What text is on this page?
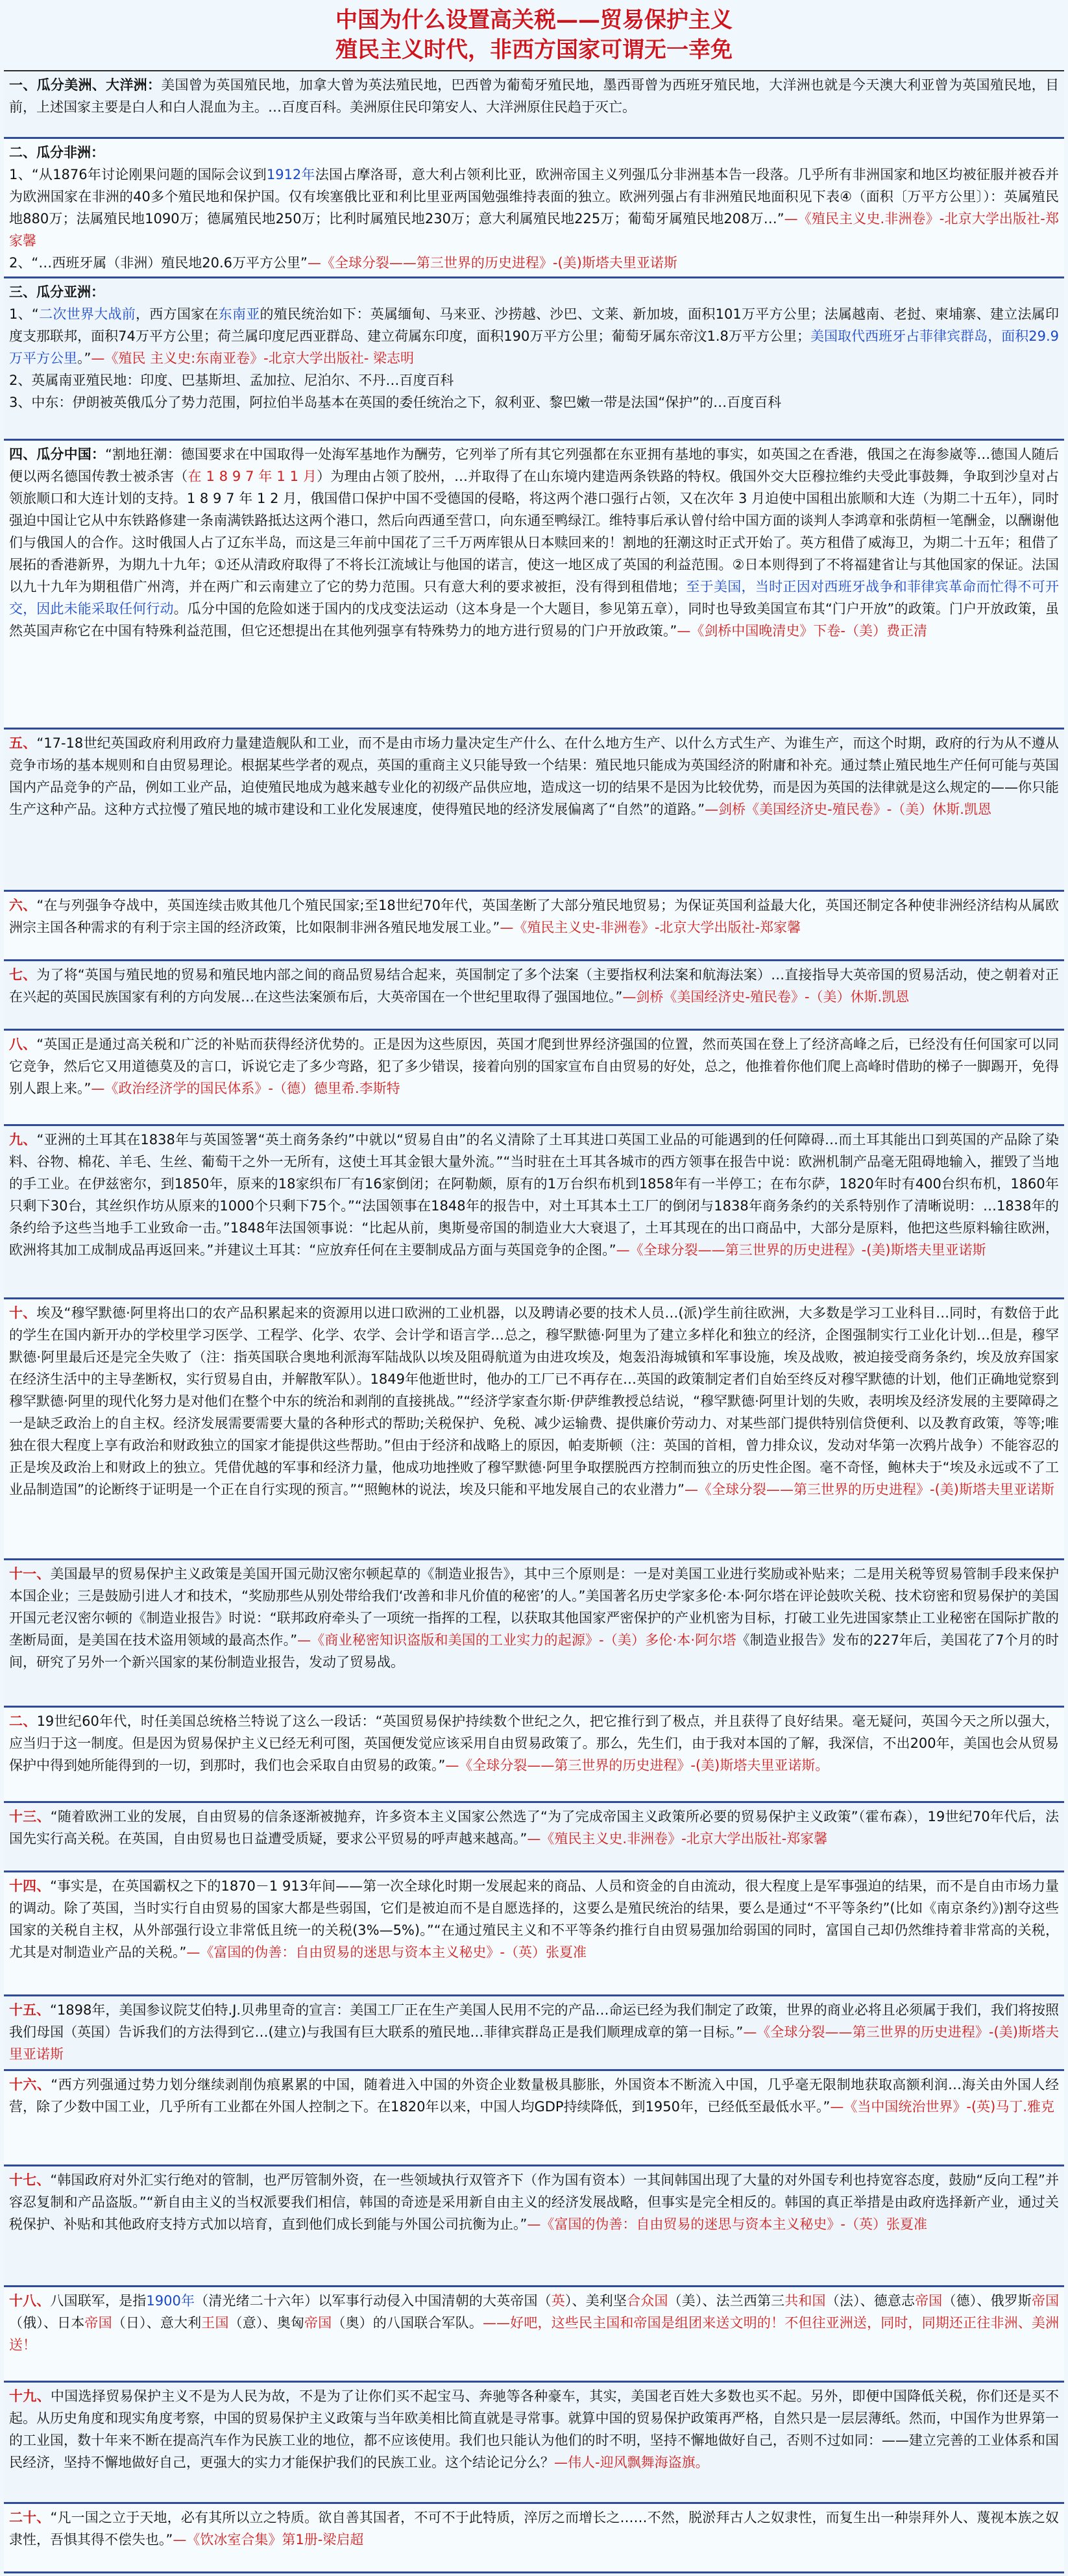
中国为什么设置高关税——贸易保护主义
殖民主义时代，非西方国家可谓无一幸免

一、瓜分美洲、大洋洲：美国曾为英国殖民地，加拿大曾为英法殖民地，巴西曾为葡萄牙殖民地，墨西哥曾为西班牙殖民地，大洋洲也就是今天澳大利亚曾为英国殖民地，目前，上述国家主要是白人和白人混血为主。…百度百科。美洲原住民印第安人、大洋洲原住民趋于灭亡。

二、瓜分非洲：

1、“从1876年讨论刚果问题的国际会议到1912年法国占摩洛哥，意大利占领利比亚，欧洲帝国主义列强瓜分非洲基本告一段落。几乎所有非洲国家和地区均被征服并被吞并为欧洲国家在非洲的40多个殖民地和保护国。仅有埃塞俄比亚和利比里亚两国勉强维持表面的独立。欧洲列强占有非洲殖民地面积见下表④（面积〔万平方公里〕）：英属殖民地880万；法属殖民地1090万；德属殖民地250万；比利时属殖民地230万；意大利属殖民地225万；葡萄牙属殖民地208万…”—《殖民主义史.非洲卷》-北京大学出版社-郑家馨

2、“…西班牙属（非洲）殖民地20.6万平方公里”—《全球分裂——第三世界的历史进程》-(美)斯塔夫里亚诺斯

三、瓜分亚洲：

1、“二次世界大战前，西方国家在东南亚的殖民统治如下：英属缅甸、马来亚、沙捞越、沙巴、文莱、新加坡，面积101万平方公里；法属越南、老挝、柬埔寨、建立法属印度支那联邦，面积74万平方公里；荷兰属印度尼西亚群岛、建立荷属东印度，面积190万平方公里；葡萄牙属东帝汶1.8万平方公里；美国取代西班牙占菲律宾群岛，面积29.9万平方公里。”—《殖民 主义史:东南亚卷》-北京大学出版社- 梁志明

2、英属南亚殖民地：印度、巴基斯坦、孟加拉、尼泊尔、不丹…百度百科

3、中东：伊朗被英俄瓜分了势力范围，阿拉伯半岛基本在英国的委任统治之下，叙利亚、黎巴嫩一带是法国“保护”的…百度百科

四、瓜分中国：“割地狂潮：德国要求在中国取得一处海军基地作为酬劳，它列举了所有其它列强都在东亚拥有基地的事实，如英国之在香港，俄国之在海参崴等…德国人随后便以两名德国传教士被杀害（在 1 8 9 7 年 1 1 月）为理由占领了胶州，…并取得了在山东境内建造两条铁路的特权。俄国外交大臣穆拉维约夫受此事鼓舞，争取到沙皇对占领旅顺口和大连计划的支持。1 8 9 7 年 1 2 月，俄国借口保护中国不受德国的侵略，将这两个港口强行占领，又在次年 3 月迫使中国租出旅顺和大连（为期二十五年），同时强迫中国让它从中东铁路修建一条南满铁路抵达这两个港口，然后向西通至营口，向东通至鸭绿江。维特事后承认曾付给中国方面的谈判人李鸿章和张荫桓一笔酬金，以酬谢他们与俄国人的合作。这时俄国人占了辽东半岛，而这是三年前中国花了三千万两库银从日本赎回来的！割地的狂潮这时正式开始了。英方租借了威海卫，为期二十五年；租借了展拓的香港新界，为期九十九年；①还从清政府取得了不将长江流域让与他国的诺言，使这一地区成了英国的利益范围。②日本则得到了不将福建省让与其他国家的保证。法国以九十九年为期租借广州湾，并在两广和云南建立了它的势力范围。只有意大利的要求被拒，没有得到租借地；至于美国，当时正因对西班牙战争和菲律宾革命而忙得不可开交，因此未能采取任何行动。瓜分中国的危险如迷于国内的戊戌变法运动（这本身是一个大题目，参见第五章），同时也导致美国宣布其“门户开放”的政策。门户开放政策，虽然英国声称它在中国有特殊利益范围，但它还想提出在其他列强享有特殊势力的地方进行贸易的门户开放政策。”—《剑桥中国晚清史》下卷-（美）费正清

五、“17-18世纪英国政府利用政府力量建造舰队和工业，而不是由市场力量决定生产什么、在什么地方生产、以什么方式生产、为谁生产，而这个时期，政府的行为从不遵从竞争市场的基本规则和自由贸易理论。根据某些学者的观点，英国的重商主义只能导致一个结果：殖民地只能成为英国经济的附庸和补充。通过禁止殖民地生产任何可能与英国国内产品竞争的产品，例如工业产品，迫使殖民地成为越来越专业化的初级产品供应地，造成这一切的结果不是因为比较优势，而是因为英国的法律就是这么规定的——你只能生产这种产品。这种方式拉慢了殖民地的城市建设和工业化发展速度，使得殖民地的经济发展偏离了“自然”的道路。”—剑桥《美国经济史-殖民卷》-（美）休斯.凯恩

六、“在与列强争夺战中，英国连续击败其他几个殖民国家;至18世纪70年代，英国垄断了大部分殖民地贸易；为保证英国利益最大化，英国还制定各种使非洲经济结构从属欧洲宗主国各种需求的有利于宗主国的经济政策，比如限制非洲各殖民地发展工业。”—《殖民主义史-非洲卷》-北京大学出版社-郑家馨

七、为了将“英国与殖民地的贸易和殖民地内部之间的商品贸易结合起来，英国制定了多个法案（主要指权利法案和航海法案）…直接指导大英帝国的贸易活动，使之朝着对正在兴起的英国民族国家有利的方向发展…在这些法案颁布后，大英帝国在一个世纪里取得了强国地位。”—剑桥《美国经济史-殖民卷》-（美）休斯.凯恩

八、“英国正是通过高关税和广泛的补贴而获得经济优势的。正是因为这些原因，英国才爬到世界经济强国的位置，然而英国在登上了经济高峰之后，已经没有任何国家可以同它竞争，然后它又用道德莫及的言口，诉说它走了多少弯路，犯了多少错误，接着向别的国家宣布自由贸易的好处，总之，他推着你他们爬上高峰时借助的梯子一脚踢开，免得别人跟上来。”—《政治经济学的国民体系》-（德）德里希.李斯特

九、“亚洲的土耳其在1838年与英国签署“英土商务条约”中就以“贸易自由”的名义清除了土耳其进口英国工业品的可能遇到的任何障碍…而土耳其能出口到英国的产品除了染料、谷物、棉花、羊毛、生丝、葡萄干之外一无所有，这使土耳其金银大量外流。”“当时驻在土耳其各城市的西方领事在报告中说：欧洲机制产品毫无阻碍地输入，摧毁了当地的手工业。在伊兹密尔，到1850年，原来的18家织布厂有16家倒闭；在阿勒颇，原有的1万台织布机到1858年有一半停工；在布尔萨，1820年时有400台织布机，1860年只剩下30台，其丝织作坊从原来的1000个只剩下75个。”“法国领事在1848年的报告中，对土耳其本土工厂的倒闭与1838年商务条约的关系特别作了清晰说明：…1838年的条约给予这些当地手工业致命一击。”1848年法国领事说：“比起从前，奥斯曼帝国的制造业大大衰退了，土耳其现在的出口商品中，大部分是原料，他把这些原料输往欧洲，欧洲将其加工成制成品再返回来。”并建议土耳其：“应放弃任何在主要制成品方面与英国竞争的企图。”—《全球分裂——第三世界的历史进程》-(美)斯塔夫里亚诺斯

十、埃及“穆罕默德·阿里将出口的农产品积累起来的资源用以进口欧洲的工业机器，以及聘请必要的技术人员…(派)学生前往欧洲，大多数是学习工业科目…同时，有数倍于此的学生在国内新开办的学校里学习医学、工程学、化学、农学、会计学和语言学…总之，穆罕默德·阿里为了建立多样化和独立的经济，企图强制实行工业化计划…但是，穆罕默德·阿里最后还是完全失败了（注：指英国联合奥地利派海军陆战队以埃及阻碍航道为由进攻埃及，炮轰沿海城镇和军事设施，埃及战败，被迫接受商务条约，埃及放弃国家在经济生活中的主导垄断权，实行贸易自由，并解散军队）。1849年他逝世时，他办的工厂已不再存在…英国的政策制定者们自始至终反对穆罕默德的计划，他们正确地觉察到穆罕默德·阿里的现代化努力是对他们在整个中东的统治和剥削的直接挑战。”“经济学家查尔斯·伊萨维教授总结说，“穆罕默德·阿里计划的失败，表明埃及经济发展的主要障碍之一是缺乏政治上的自主权。经济发展需要需要大量的各种形式的帮助;关税保护、免税、减少运输费、提供廉价劳动力、对某些部门提供特别信贷便利、以及教育政策，等等;唯独在很大程度上享有政治和财政独立的国家才能提供这些帮助。”但由于经济和战略上的原因，帕麦斯顿（注：英国的首相，曾力排众议，发动对华第一次鸦片战争）不能容忍的正是埃及政治上和财政上的独立。凭借优越的军事和经济力量，他成功地挫败了穆罕默德·阿里争取摆脱西方控制而独立的历史性企图。毫不奇怪，鲍林夫于“埃及永远或不了工业品制造国”的论断终于证明是一个正在自行实现的预言。”“照鲍林的说法，埃及只能和平地发展自己的农业潜力”—《全球分裂——第三世界的历史进程》-(美)斯塔夫里亚诺斯

十一、美国最早的贸易保护主义政策是美国开国元勋汉密尔顿起草的《制造业报告》，其中三个原则是：一是对美国工业进行奖励或补贴来；二是用关税等贸易管制手段来保护本国企业；三是鼓励引进人才和技术，“奖励那些从别处带给我们‘改善和非凡价值的秘密’的人。”美国著名历史学家多伦·本·阿尔塔在评论鼓吹关税、技术窃密和贸易保护的美国开国元老汉密尔顿的《制造业报告》时说：“联邦政府牵头了一项统一指挥的工程，以获取其他国家严密保护的产业机密为目标，打破工业先进国家禁止工业秘密在国际扩散的垄断局面，是美国在技术盗用领域的最高杰作。”—《商业秘密知识盗版和美国的工业实力的起源》-（美）多伦·本·阿尔塔《制造业报告》发布的227年后，美国花了7个月的时间，研究了另外一个新兴国家的某份制造业报告，发动了贸易战。

二、19世纪60年代，时任美国总统格兰特说了这么一段话：“英国贸易保护持续数个世纪之久，把它推行到了极点，并且获得了良好结果。毫无疑问，英国今天之所以强大，应当归于这一制度。但是因为贸易保护主义已经无利可图，英国便发觉应该采用自由贸易政策了。那么，先生们，由于我对本国的了解，我深信，不出200年，美国也会从贸易保护中得到她所能得到的一切，到那时，我们也会采取自由贸易的政策。”—《全球分裂——第三世界的历史进程》-(美)斯塔夫里亚诺斯。

十三、“随着欧洲工业的发展，自由贸易的信条逐渐被抛弃，许多资本主义国家公然选了“为了完成帝国主义政策所必要的贸易保护主义政策”（霍布森），19世纪70年代后，法国先实行高关税。在英国，自由贸易也日益遭受质疑，要求公平贸易的呼声越来越高。”—《殖民主义史.非洲卷》-北京大学出版社-郑家馨

十四、“事实是，在英国霸权之下的1870－1 913年间——第一次全球化时期一发展起来的商品、人员和资金的自由流动，很大程度上是军事强迫的结果，而不是自由市场力量的调动。除了英国，当时实行自由贸易的国家大都是些弱国，它们是被迫而不是自愿选择的，这要么是殖民统治的结果，要么是通过“不平等条约”(比如《南京条约》)割夺这些国家的关税自主权，从外部强行设立非常低且统一的关税(3%—5%)。”“在通过殖民主义和不平等条约推行自由贸易强加给弱国的同时，富国自己却仍然维持着非常高的关税，尤其是对制造业产品的关税。”—《富国的伪善：自由贸易的迷思与资本主义秘史》-（英）张夏准

十五、“1898年，美国参议院艾伯特.J.贝弗里奇的宣言：美国工厂正在生产美国人民用不完的产品…命运已经为我们制定了政策，世界的商业必将且必须属于我们，我们将按照我们母国（英国）告诉我们的方法得到它…(建立)与我国有巨大联系的殖民地…菲律宾群岛正是我们顺理成章的第一目标。”—《全球分裂——第三世界的历史进程》-(美)斯塔夫里亚诺斯

十六、“西方列强通过势力划分继续剥削伪痕累累的中国，随着进入中国的外资企业数量极具膨胀，外国资本不断流入中国，几乎毫无限制地获取高额利润…海关由外国人经营，除了少数中国工业，几乎所有工业都在外国人控制之下。在1820年以来，中国人均GDP持续降低，到1950年，已经低至最低水平。”—《当中国统治世界》-(英)马丁.雅克

十七、“韩国政府对外汇实行绝对的管制，也严厉管制外资，在一些领域执行双管齐下（作为国有资本）一其间韩国出现了大量的对外国专利也持宽容态度，鼓励“反向工程”并容忍复制和产品盗版。”“新自由主义的当权派要我们相信，韩国的奇迹是采用新自由主义的经济发展战略，但事实是完全相反的。韩国的真正举措是由政府选择新产业，通过关税保护、补贴和其他政府支持方式加以培育，直到他们成长到能与外国公司抗衡为止。”—《富国的伪善：自由贸易的迷思与资本主义秘史》-（英）张夏准

十八、八国联军，是指1900年（清光绪二十六年）以军事行动侵入中国清朝的大英帝国（英）、美利坚合众国（美）、法兰西第三共和国（法）、德意志帝国（德）、俄罗斯帝国（俄）、日本帝国（日）、意大利王国（意）、奥匈帝国（奥）的八国联合军队。——好吧，这些民主国和帝国是组团来送文明的！不但往亚洲送，同时，同期还正往非洲、美洲送！

十九、中国选择贸易保护主义不是为人民为故，不是为了让你们买不起宝马、奔驰等各种豪车，其实，美国老百姓大多数也买不起。另外，即便中国降低关税，你们还是买不起。从历史角度和现实角度考察，中国的贸易保护主义政策与当年欧美相比简直就是寻常事。就算中国的贸易保护政策再严格，自然只是一层层薄纸。然而，中国作为世界第一的工业国，数十年来不断在提高汽车作为民族工业的地位，都不应该使用。我们也只能认为他们的时不明，坚持不懈地做好自己，否则不过如同：——建立完善的工业体系和国民经济，坚持不懈地做好自己，更强大的实力才能保护我们的民族工业。这个结论记分么？—伟人-迎风飘舞海盗旗。

二十、“凡一国之立于天地，必有其所以立之特质。欲自善其国者，不可不于此特质，淬厉之而增长之……不然，脱淤拜古人之奴隶性，而复生出一种崇拜外人、蔑视本族之奴隶性，吾惧其得不偿失也。”—《饮冰室合集》第1册-梁启超
